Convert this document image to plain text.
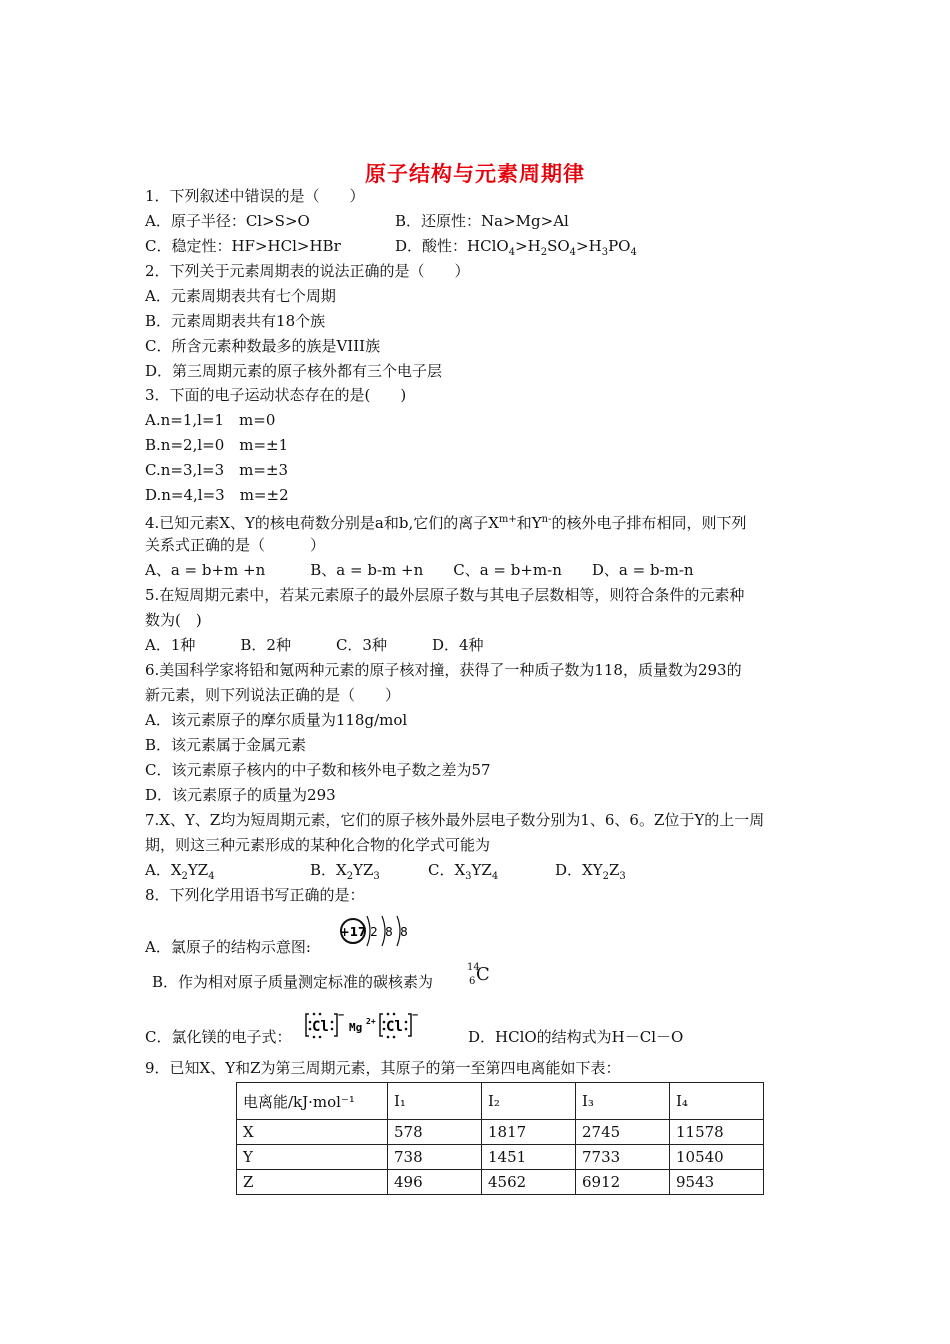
原子结构与元素周期律
1．下列叙述中错误的是（　　）
A．原子半径：Cl>S>O	B．还原性：Na>Mg>Al
C．稳定性：HF>HCl>HBr	D．酸性：$HClO_4>H_2SO_4>H_3PO_4$
2．下列关于元素周期表的说法正确的是（　　）
A．元素周期表共有七个周期
B．元素周期表共有18个族
C．所含元素种数最多的族是VIII族
D．第三周期元素的原子核外都有三个电子层
3．下面的电子运动状态存在的是(　　)
A.n=1,l=1　m=0
B.n=2,l=0　m=±1
C.n=3,l=3　m=±3
D.n=4,l=3　m=±2
4.已知元素X、Y的核电荷数分别是a和b,它们的离子$X^{m+}$和$Y^{n-}$的核外电子排布相同，则下列
关系式正确的是（　　　）
A、a = b+m +n　　　B、a = b-m +n　　C、a = b+m-n　　D、a = b-m-n
5.在短周期元素中，若某元素原子的最外层原子数与其电子层数相等，则符合条件的元素种
数为(　)
A．1种　　　B．2种　　　C．3种　　　D．4种
6.美国科学家将铅和氪两种元素的原子核对撞，获得了一种质子数为118，质量数为293的
新元素，则下列说法正确的是（　　）
A．该元素原子的摩尔质量为118g/mol
B．该元素属于金属元素
C．该元素原子核内的中子数和核外电子数之差为57
D．该元素原子的质量为293
7.X、Y、Z均为短周期元素，它们的原子核外最外层电子数分别为1、6、6。Z位于Y的上一周
期，则这三种元素形成的某种化合物的化学式可能为
A．$X_2YZ_4$	B．$X_2YZ_3$	C．$X_3YZ_4$	D．$XY_2Z_3$
8．下列化学用语书写正确的是：
A．氯原子的结构示意图:
+17 2 8 8
B．作为相对原子质量测定标准的碳核素为
14
6 C
C．氯化镁的电子式：
Cl
−
Mg 2+ Cl
−
D．HClO的结构式为H－Cl－O
9．已知X、Y和Z为第三周期元素，其原子的第一至第四电离能如下表：
电离能/kJ·mol⁻¹	I₁	I₂	I₃	I₄
X	578	1817	2745	11578
Y	738	1451	7733	10540
Z	496	4562	6912	9543
